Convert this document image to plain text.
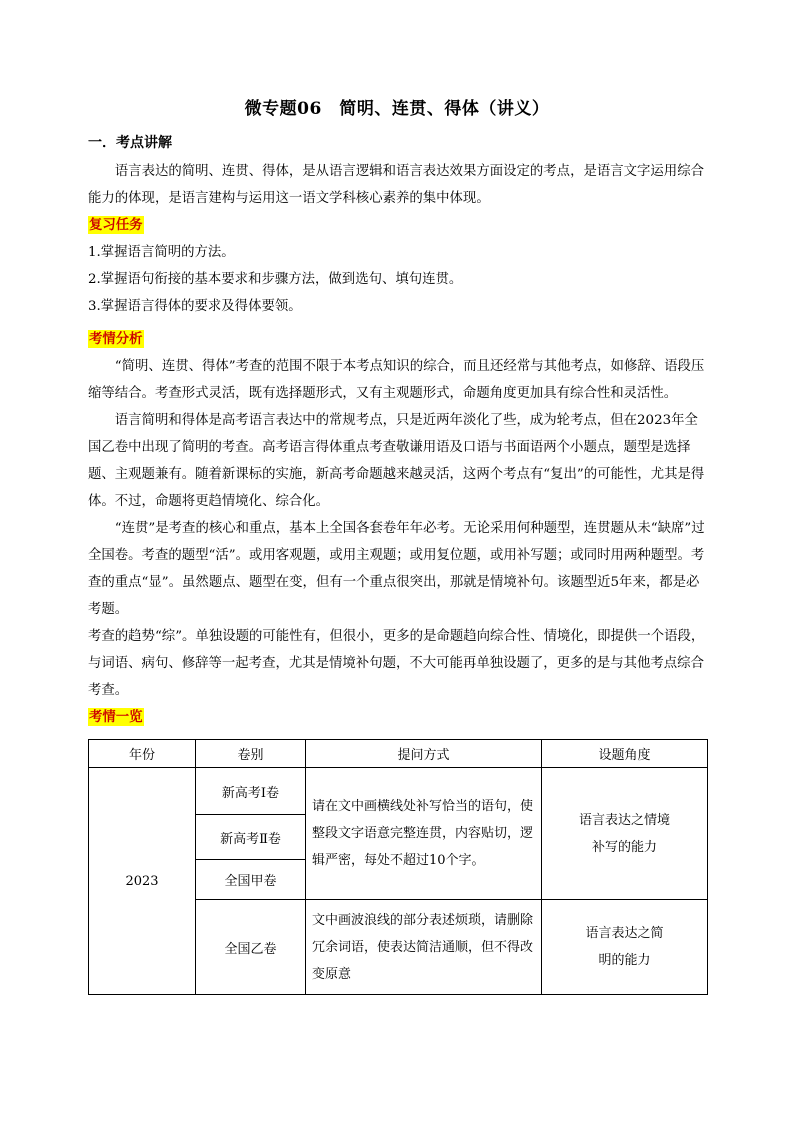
微专题06　简明、连贯、得体（讲义）
一．考点讲解

语言表达的简明、连贯、得体，是从语言逻辑和语言表达效果方面设定的考点，是语言文字运用综合能力的体现，是语言建构与运用这一语文学科核心素养的集中体现。

复习任务

1.掌握语言简明的方法。

2.掌握语句衔接的基本要求和步骤方法，做到选句、填句连贯。

3.掌握语言得体的要求及得体要领。

考情分析

“简明、连贯、得体”考查的范围不限于本考点知识的综合，而且还经常与其他考点，如修辞、语段压缩等结合。考查形式灵活，既有选择题形式，又有主观题形式，命题角度更加具有综合性和灵活性。

语言简明和得体是高考语言表达中的常规考点，只是近两年淡化了些，成为轮考点，但在2023年全国乙卷中出现了简明的考查。高考语言得体重点考查敬谦用语及口语与书面语两个小题点，题型是选择题、主观题兼有。随着新课标的实施，新高考命题越来越灵活，这两个考点有“复出”的可能性，尤其是得体。不过，命题将更趋情境化、综合化。

“连贯”是考查的核心和重点，基本上全国各套卷年年必考。无论采用何种题型，连贯题从未“缺席”过全国卷。考查的题型“活”。或用客观题，或用主观题；或用复位题，或用补写题；或同时用两种题型。考查的重点“显”。虽然题点、题型在变，但有一个重点很突出，那就是情境补句。该题型近5年来，都是必考题。

考查的趋势“综”。单独设题的可能性有，但很小，更多的是命题趋向综合性、情境化，即提供一个语段，与词语、病句、修辞等一起考查，尤其是情境补句题，不大可能再单独设题了，更多的是与其他考点综合考查。

考情一览
年份	卷别	提问方式	设题角度
2023	新高考Ⅰ卷	请在文中画横线处补写恰当的语句，使整段文字语意完整连贯，内容贴切，逻辑严密，每处不超过10个字。	语言表达之情境补写的能力
	新高考Ⅱ卷		
	全国甲卷		
	全国乙卷	文中画波浪线的部分表述烦琐，请删除冗余词语，使表达简洁通顺，但不得改变原意	语言表达之简明的能力
